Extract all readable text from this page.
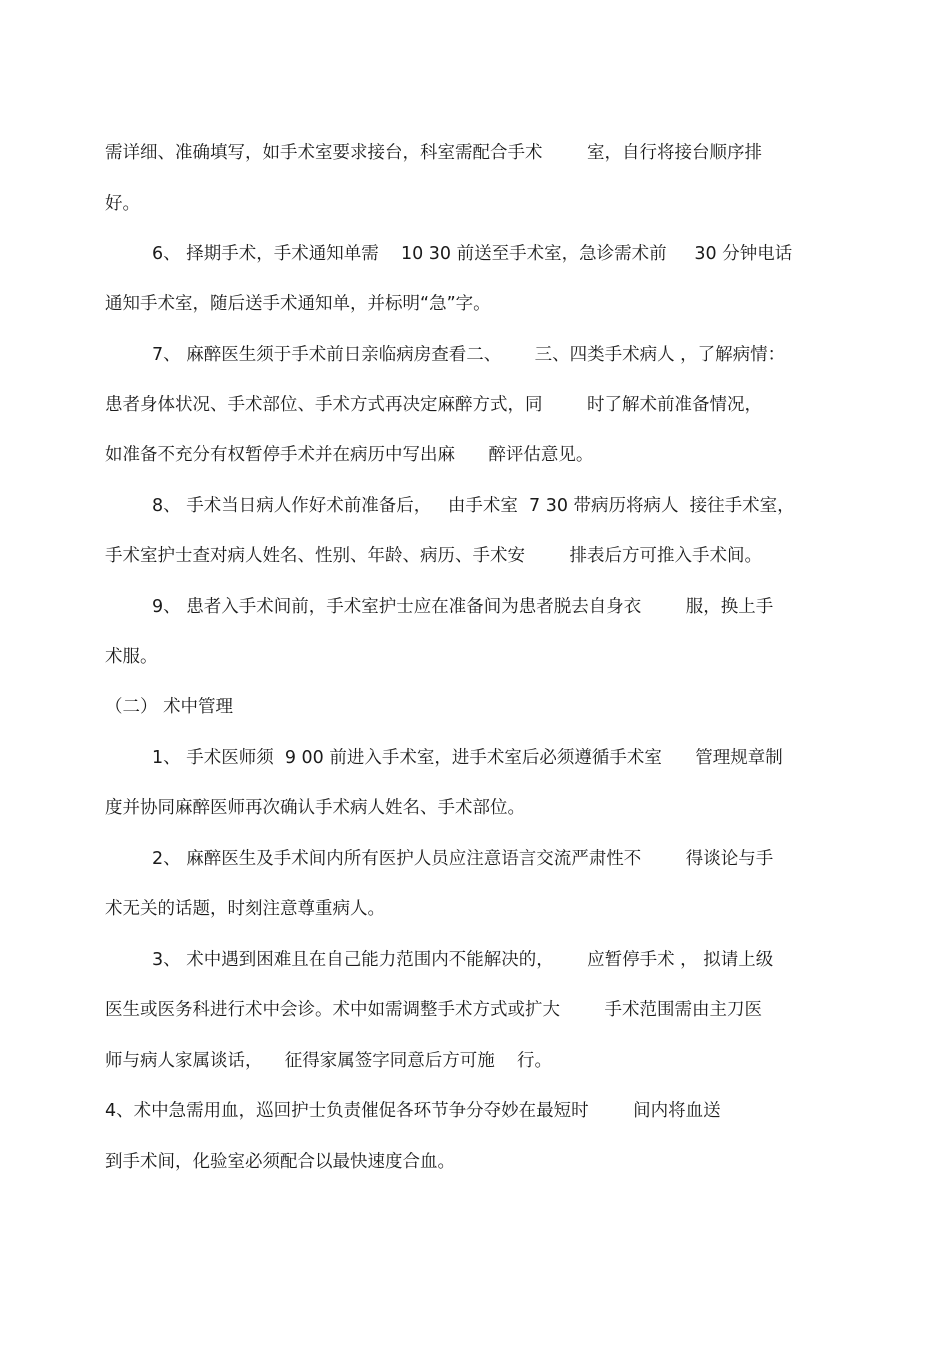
需详细、准确填写，如手术室要求接台，科室需配合手术        室，自行将接台顺序排

好。

6、 择期手术，手术通知单需    10 30 前送至手术室，急诊需术前     30 分钟电话

通知手术室，随后送手术通知单，并标明“急”字。

7、 麻醉医生须于手术前日亲临病房查看二、      三、四类手术病人 ，了解病情：

患者身体状况、手术部位、手术方式再决定麻醉方式，同        时了解术前准备情况，

如准备不充分有权暂停手术并在病历中写出麻      醉评估意见。

8、 手术当日病人作好术前准备后，   由手术室  7 30 带病历将病人  接往手术室，

手术室护士查对病人姓名、性别、年龄、病历、手术安        排表后方可推入手术间。

9、 患者入手术间前，手术室护士应在准备间为患者脱去自身衣        服，换上手

术服。

（二） 术中管理

1、 手术医师须  9 00 前进入手术室，进手术室后必须遵循手术室      管理规章制

度并协同麻醉医师再次确认手术病人姓名、手术部位。

2、 麻醉医生及手术间内所有医护人员应注意语言交流严肃性不        得谈论与手

术无关的话题，时刻注意尊重病人。

3、 术中遇到困难且在自己能力范围内不能解决的，      应暂停手术 ， 拟请上级

医生或医务科进行术中会诊。术中如需调整手术方式或扩大        手术范围需由主刀医

师与病人家属谈话，    征得家属签字同意后方可施    行。

4、术中急需用血，巡回护士负责催促各环节争分夺妙在最短时        间内将血送

到手术间，化验室必须配合以最快速度合血。
